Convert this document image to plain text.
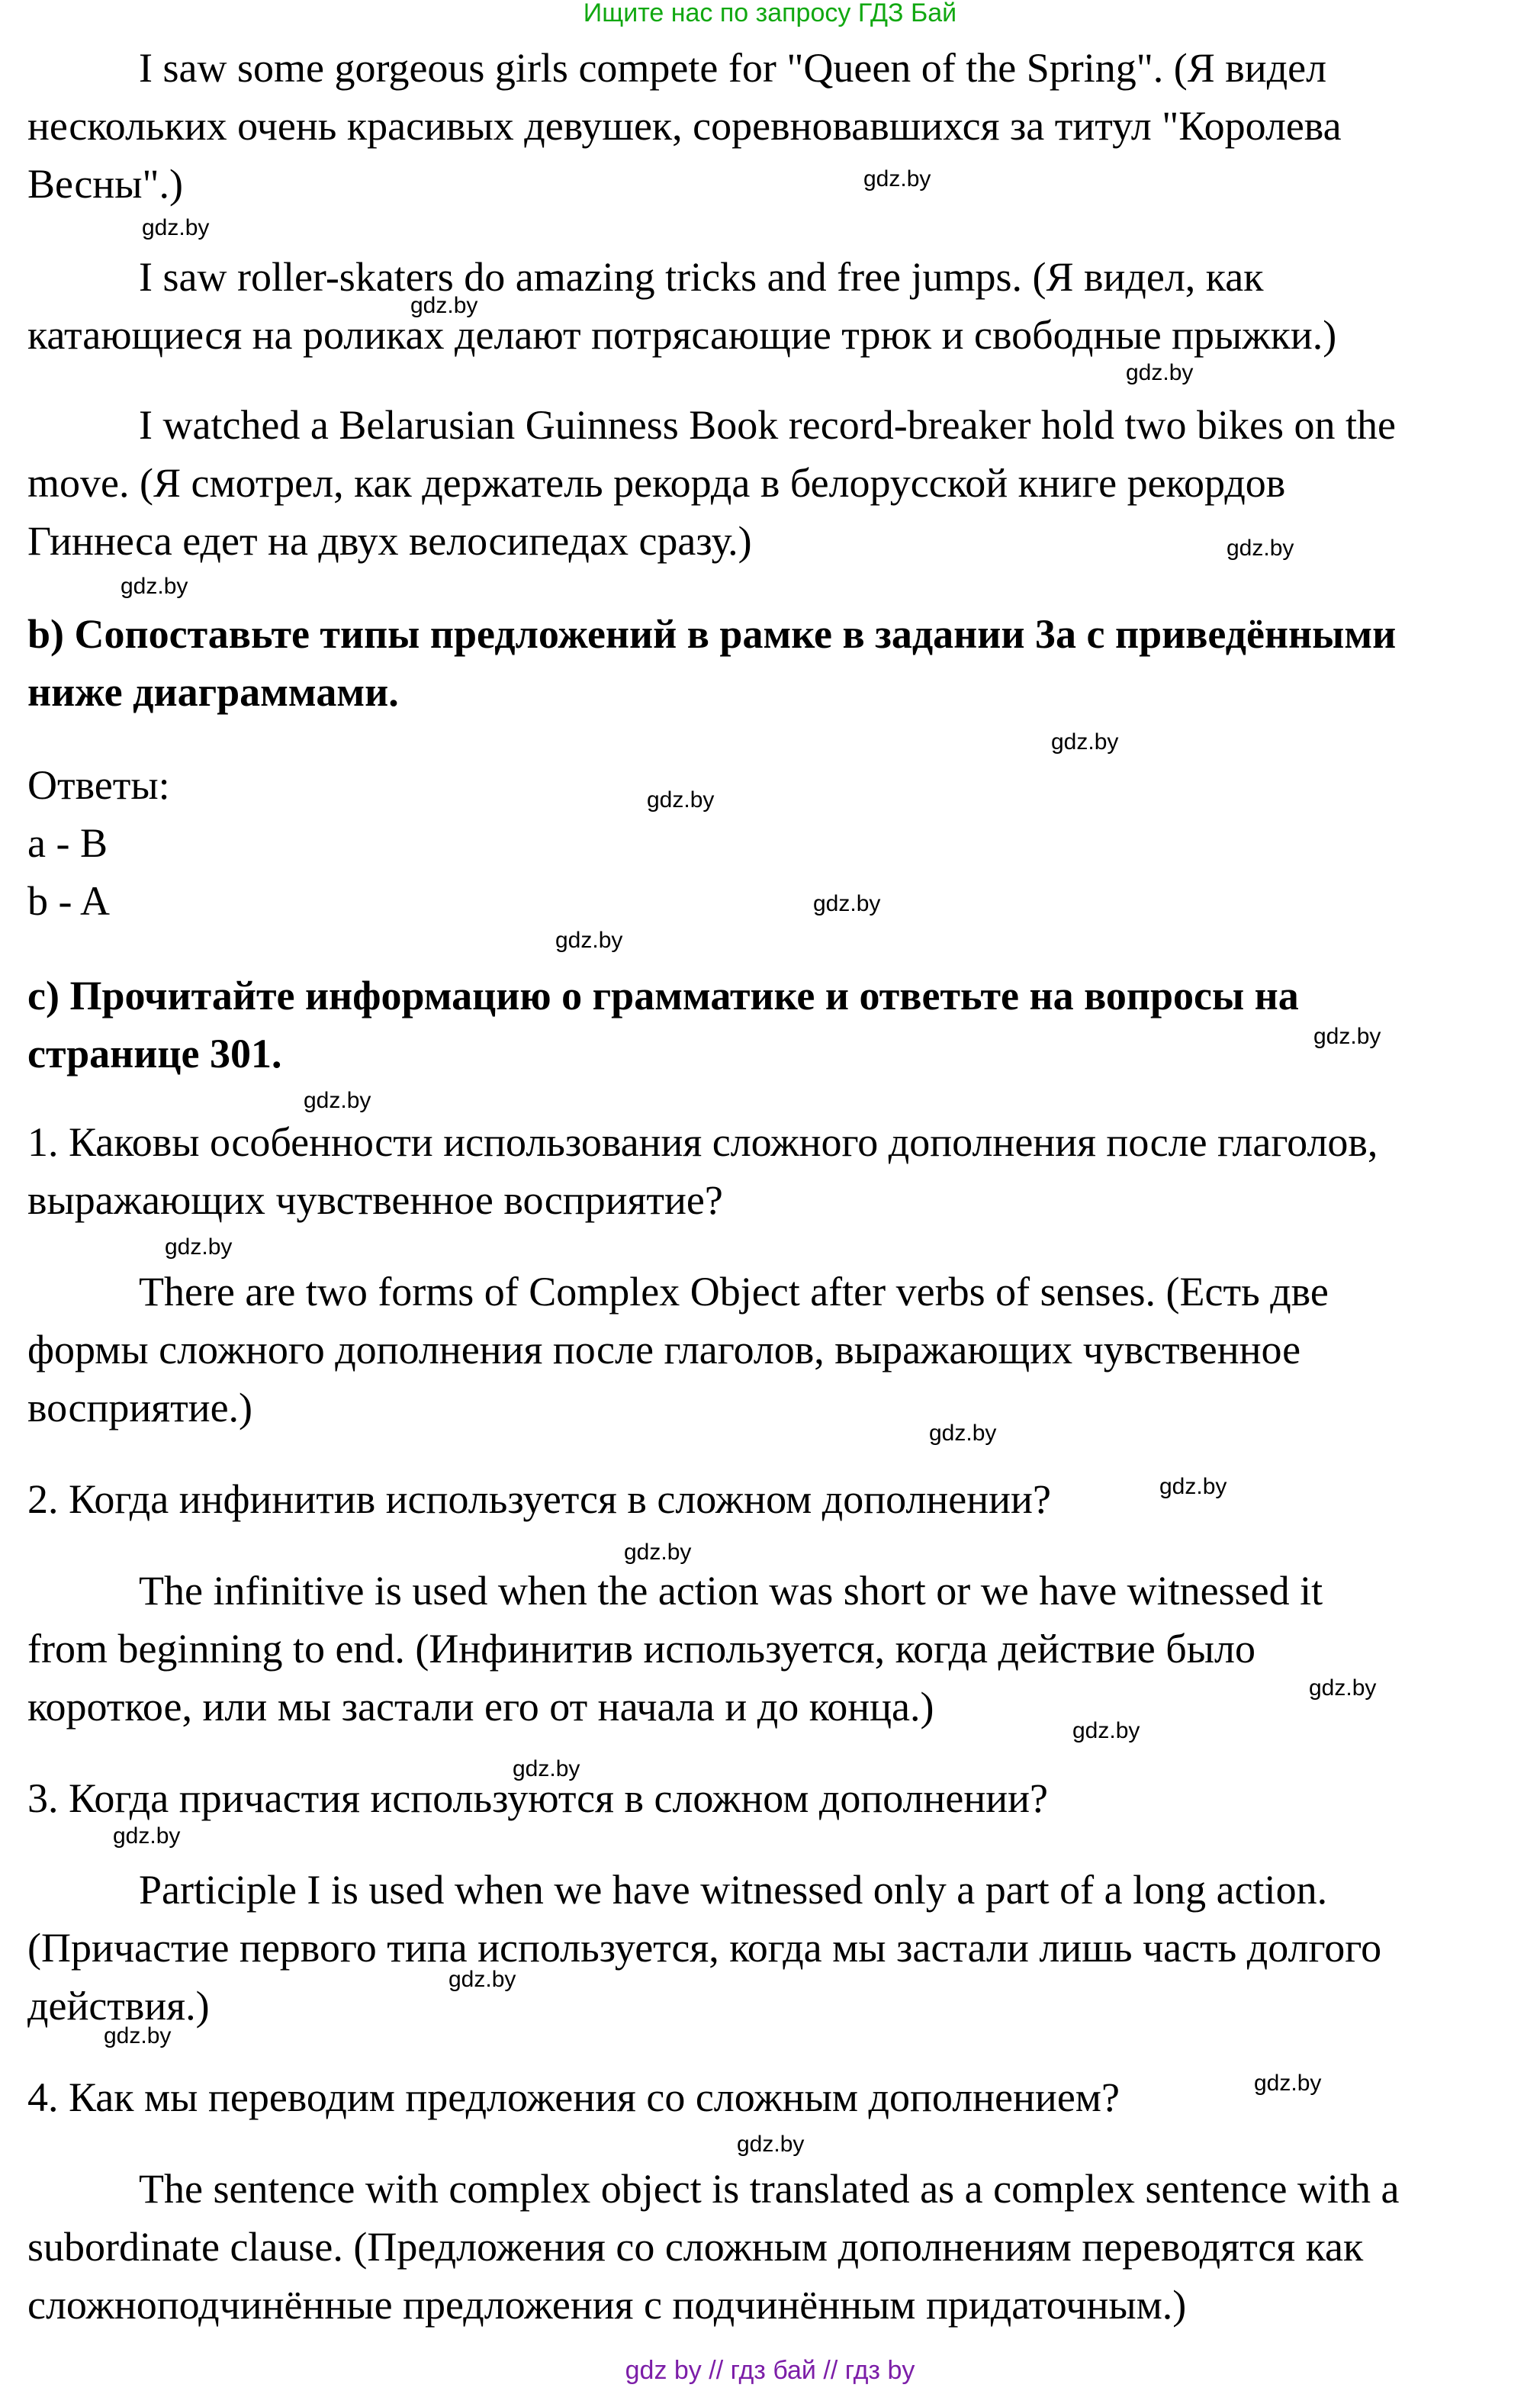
Ищите нас по запросу ГДЗ Бай
I saw some gorgeous girls compete for "Queen of the Spring". (Я видел
нескольких очень красивых девушек, соревновавшихся за титул "Королева
Весны".)
I saw roller-skaters do amazing tricks and free jumps. (Я видел, как
катающиеся на роликах делают потрясающие трюк и свободные прыжки.)
I watched a Belarusian Guinness Book record-breaker hold two bikes on the
move. (Я смотрел, как держатель рекорда в белорусской книге рекордов
Гиннеса едет на двух велосипедах сразу.)
b) Сопоставьте типы предложений в рамке в задании 3а с приведёнными
ниже диаграммами.
Ответы:
a - B
b - A
c) Прочитайте информацию о грамматике и ответьте на вопросы на
странице 301.
1. Каковы особенности использования сложного дополнения после глаголов,
выражающих чувственное восприятие?
There are two forms of Complex Object after verbs of senses. (Есть две
формы сложного дополнения после глаголов, выражающих чувственное
восприятие.)
2. Когда инфинитив используется в сложном дополнении?
The infinitive is used when the action was short or we have witnessed it
from beginning to end. (Инфинитив используется, когда действие было
короткое, или мы застали его от начала и до конца.)
3. Когда причастия используются в сложном дополнении?
Participle I is used when we have witnessed only a part of a long action.
(Причастие первого типа используется, когда мы застали лишь часть долгого
действия.)
4. Как мы переводим предложения со сложным дополнением?
The sentence with complex object is translated as a complex sentence with a
subordinate clause. (Предложения со сложным дополнениям переводятся как
сложноподчинённые предложения с подчинённым придаточным.)
gdz.by
gdz.by
gdz.by
gdz.by
gdz.by
gdz.by
gdz.by
gdz.by
gdz.by
gdz.by
gdz.by
gdz.by
gdz.by
gdz.by
gdz.by
gdz.by
gdz.by
gdz.by
gdz.by
gdz.by
gdz.by
gdz.by
gdz.by
gdz.by
gdz by // гдз бай // гдз by
